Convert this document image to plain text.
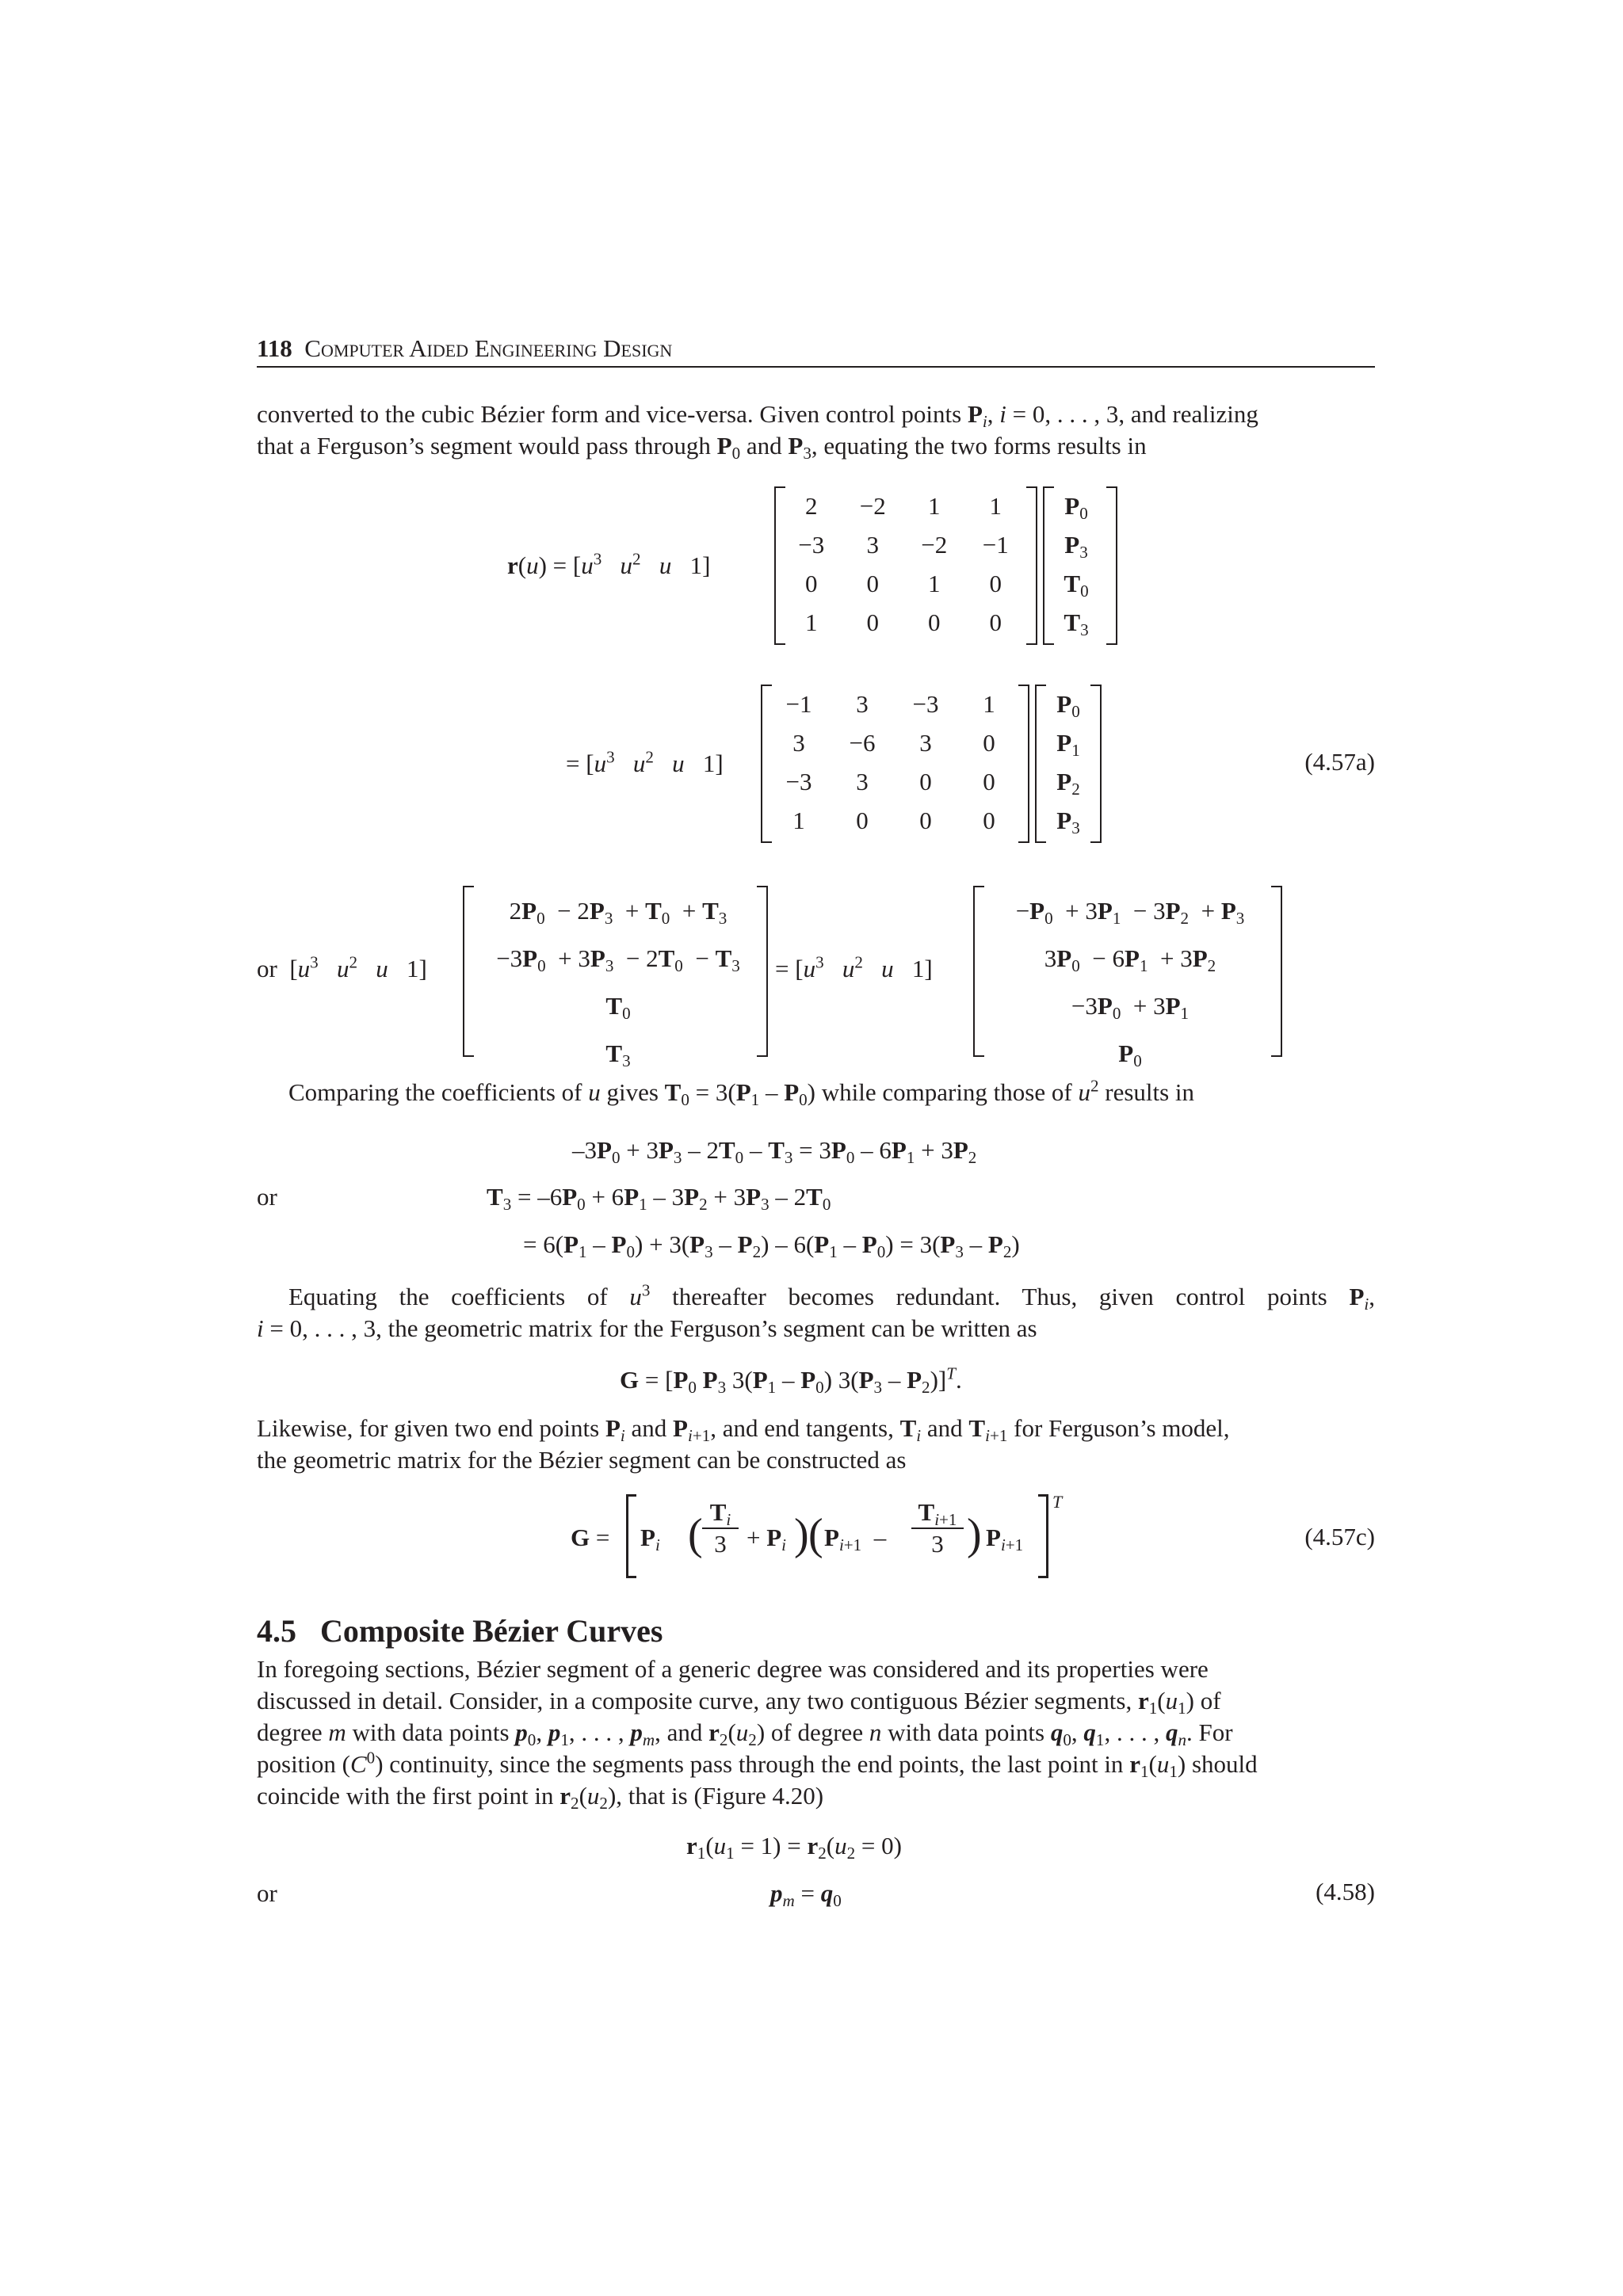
118 Computer Aided Engineering Design
converted to the cubic Bézier form and vice-versa. Given control points $P_i$, i = 0, . . . , 3, and realizing
that a Ferguson’s segment would pass through $P_0$ and $P_3$, equating the two forms results in
$r(u) = [u^3$ $u^2$ u   1]
2	−2	1	1
−3	3	−2	−1
0	0	1	0
1	0	0	0
$P_0$
$P_3$
$T_0$
$T_3$
= [$u^3$ $u^2$ u   1]
−1	3	−3	1
3	−6	3	0
−3	3	0	0
1	0	0	0
$P_0$
$P_1$
$P_2$
$P_3$
(4.57a)
or  [$u^3$ $u^2$ u   1]
$2P_0 - 2P_3 + T_0 + T_3$
$-3P_0 + 3P_3 - 2T_0 - T_3$
$T_0$
$T_3$
= [$u^3$ $u^2$ u   1]
$-P_0 + 3P_1 - 3P_2 + P_3$
$3P_0 - 6P_1 + 3P_2$
$-3P_0 + 3P_1$
$P_0$
Comparing the coefficients of u gives $T_0 = 3(P_1 - P_0)$ while comparing those of $u^2$ results in
$-3P_0 + 3P_3 - 2T_0 - T_3 = 3P_0 - 6P_1 + 3P_2$
or	$T_3 = -6P_0 + 6P_1 - 3P_2 + 3P_3 - 2T_0$
= $6(P_1 - P_0) + 3(P_3 - P_2) - 6(P_1 - P_0) = 3(P_3 - P_2)$
Equating the coefficients of $u^3$ thereafter becomes redundant. Thus, given control points $P_i$,
i = 0, . . . , 3, the geometric matrix for the Ferguson’s segment can be written as
$G = [P_0$ $P_3$ $3(P_1 - P_0)$ $3(P_3 - P_2)]^T$.
Likewise, for given two end points $P_i$ and $P_{i+1}$, and end tangents, $T_i$ and $T_{i+1}$ for Ferguson’s model,
the geometric matrix for the Bézier segment can be constructed as
$G = P_i$ ( $\frac{T_i}{3} + P_i$ ) ( $P_{i+1} - \frac{T_{i+1}}{3}$ ) $P_{i+1}$
T
(4.57c)
4.5 Composite Bézier Curves
In foregoing sections, Bézier segment of a generic degree was considered and its properties were
discussed in detail. Consider, in a composite curve, any two contiguous Bézier segments, $r_1(u_1)$ of
degree m with data points $p_0$, $p_1$, . . . , $p_m$, and $r_2(u_2)$ of degree n with data points $q_0$, $q_1$, . . . , $q_n$. For
position $(C^0)$ continuity, since the segments pass through the end points, the last point in $r_1(u_1)$ should
coincide with the first point in $r_2(u_2)$, that is (Figure 4.20)
$r_1(u_1 = 1) = r_2(u_2 = 0)$
or	$p_m = q_0$	(4.58)
